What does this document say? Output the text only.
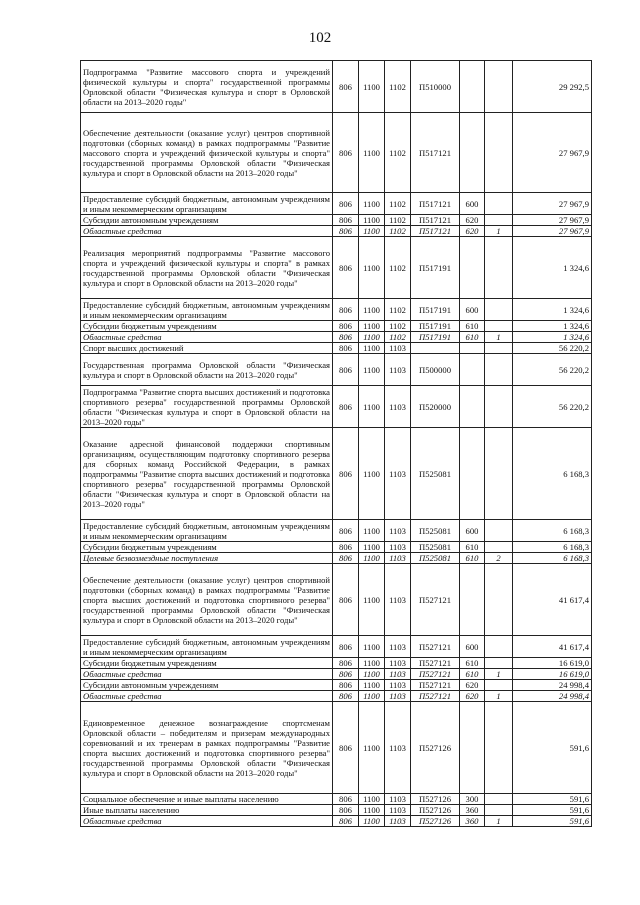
102
Подпрограмма "Развитие массового спорта и учреждений физической культуры и спорта" государственной программы Орловской области "Физическая культура и спорт в Орловской области на 2013–2020 годы"	806	1100	1102	П510000			29 292,5
Обеспечение деятельности (оказание услуг) центров спортивной подготовки (сборных команд) в рамках подпрограммы "Развитие массового спорта и учреждений физической культуры и спорта" государственной программы Орловской области "Физическая культура и спорт в Орловской области на 2013–2020 годы"	806	1100	1102	П517121			27 967,9
Предоставление субсидий бюджетным, автономным учреждениям и иным некоммерческим организациям	806	1100	1102	П517121	600		27 967,9
Субсидии автономным учреждениям	806	1100	1102	П517121	620		27 967,9
Областные средства	806	1100	1102	П517121	620	1	27 967,9
Реализация мероприятий подпрограммы "Развитие массового спорта и учреждений физической культуры и спорта" в рамках государственной программы Орловской области "Физическая культура и спорт в Орловской области на 2013–2020 годы"	806	1100	1102	П517191			1 324,6
Предоставление субсидий бюджетным, автономным учреждениям и иным некоммерческим организациям	806	1100	1102	П517191	600		1 324,6
Субсидии бюджетным учреждениям	806	1100	1102	П517191	610		1 324,6
Областные средства	806	1100	1102	П517191	610	1	1 324,6
Спорт высших достижений	806	1100	1103				56 220,2
Государственная программа Орловской области "Физическая культура и спорт в Орловской области на 2013–2020 годы"	806	1100	1103	П500000			56 220,2
Подпрограмма "Развитие спорта высших достижений и подготовка спортивного резерва" государственной программы Орловской области "Физическая культура и спорт в Орловской области на 2013–2020 годы"	806	1100	1103	П520000			56 220,2
Оказание адресной финансовой поддержки спортивным организациям, осуществляющим подготовку спортивного резерва для сборных команд Российской Федерации, в рамках подпрограммы "Развитие спорта высших достижений и подготовка спортивного резерва" государственной программы Орловской области "Физическая культура и спорт в Орловской области на 2013–2020 годы"	806	1100	1103	П525081			6 168,3
Предоставление субсидий бюджетным, автономным учреждениям и иным некоммерческим организациям	806	1100	1103	П525081	600		6 168,3
Субсидии бюджетным учреждениям	806	1100	1103	П525081	610		6 168,3
Целевые безвозмездные поступления	806	1100	1103	П525081	610	2	6 168,3
Обеспечение деятельности (оказание услуг) центров спортивной подготовки (сборных команд) в рамках подпрограммы "Развитие спорта высших достижений и подготовка спортивного резерва" государственной программы Орловской области "Физическая культура и спорт в Орловской области на 2013–2020 годы"	806	1100	1103	П527121			41 617,4
Предоставление субсидий бюджетным, автономным учреждениям и иным некоммерческим организациям	806	1100	1103	П527121	600		41 617,4
Субсидии бюджетным учреждениям	806	1100	1103	П527121	610		16 619,0
Областные средства	806	1100	1103	П527121	610	1	16 619,0
Субсидии автономным учреждениям	806	1100	1103	П527121	620		24 998,4
Областные средства	806	1100	1103	П527121	620	1	24 998,4
Единовременное денежное вознаграждение спортсменам Орловской области – победителям и призерам международных соревнований и их тренерам в рамках подпрограммы "Развитие спорта высших достижений и подготовка спортивного резерва" государственной программы Орловской области "Физическая культура и спорт в Орловской области на 2013–2020 годы"	806	1100	1103	П527126			591,6
Социальное обеспечение и иные выплаты населению	806	1100	1103	П527126	300		591,6
Иные выплаты населению	806	1100	1103	П527126	360		591,6
Областные средства	806	1100	1103	П527126	360	1	591,6
